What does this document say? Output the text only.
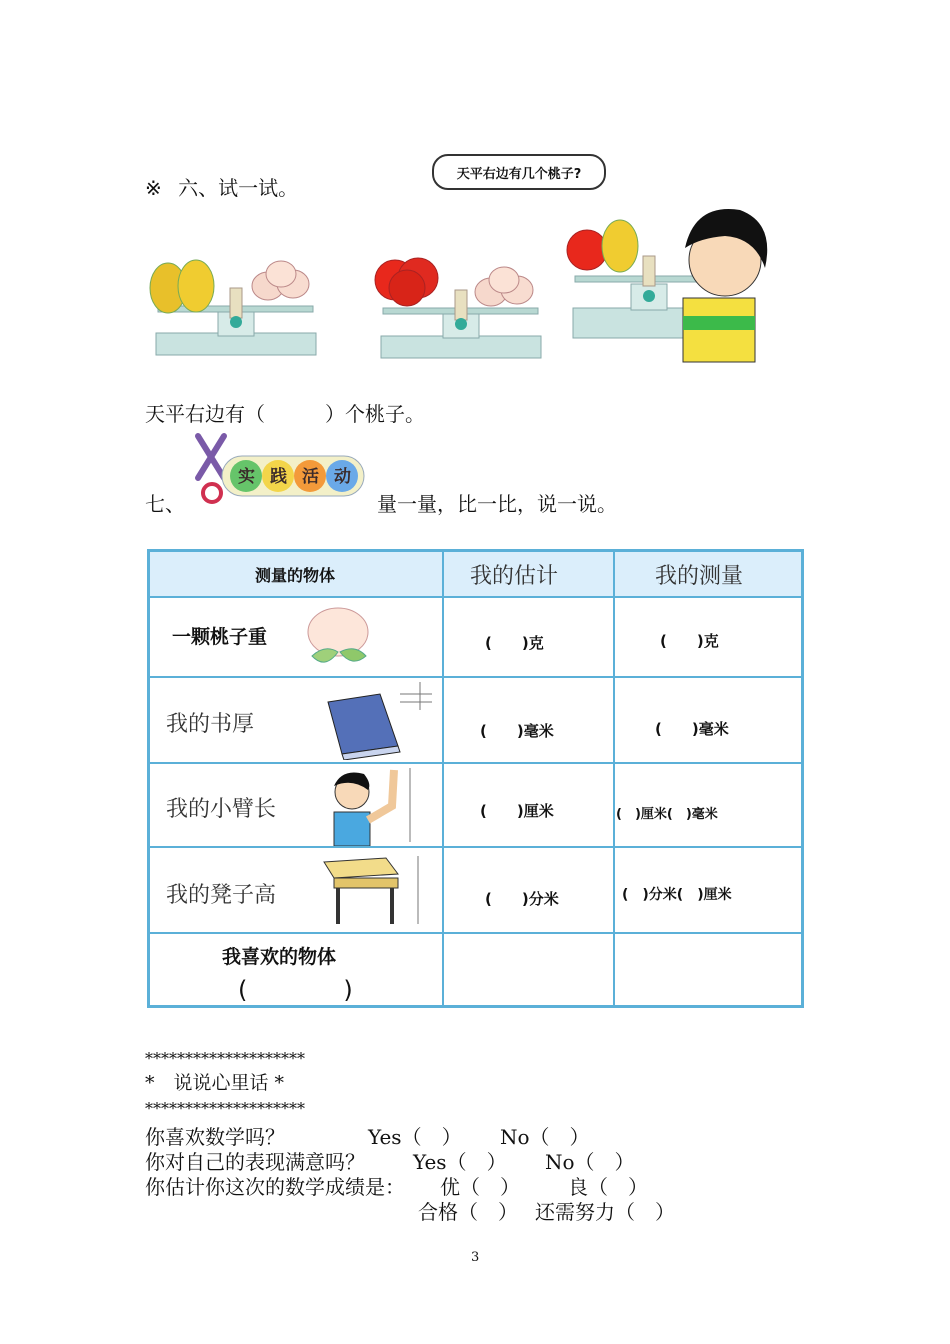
※ 六、试一试。
天平右边有几个桃子?
天平右边有（　　　）个桃子。
七、
实 践 活 动
量一量，比一比，说一说。
测量的物体	我的估计	我的测量
一颗桃子重	(　　)克	(　　)克
我的书厚	(　　)毫米	(　　)毫米
我的小臂长	(　　)厘米	(　)厘米(　)毫米
我的凳子高	(　　)分米	(　)分米(　)厘米
我喜欢的物体
(　　　　)
********************
*　说说心里话 *
********************
你喜欢数学吗？	Yes（　） No（　）
你对自己的表现满意吗？ Yes（　） No（　）
你估计你这次的数学成绩是： 优（　） 良（　）
合格（　） 还需努力（　）
3
